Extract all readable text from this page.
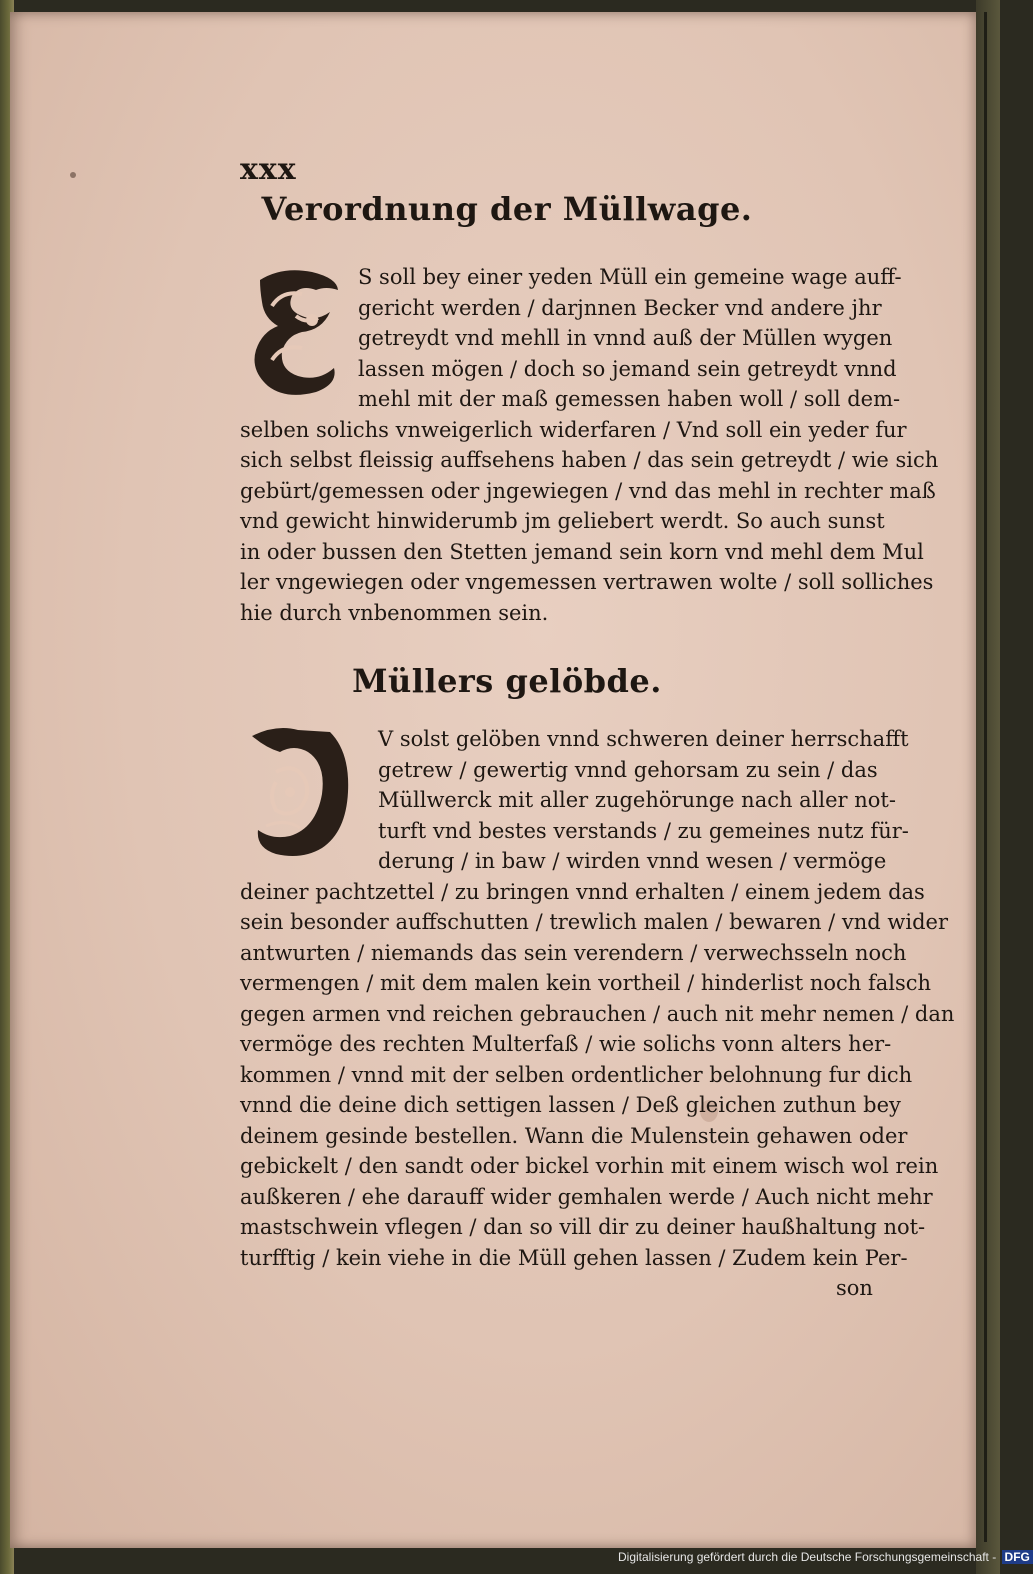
xxx
Verordnung der Müllwage.
S soll bey einer yeden Müll ein gemeine wage auff-
gericht werden / darjnnen Becker vnd andere jhr
getreydt vnd mehll in vnnd auß der Müllen wygen
lassen mögen / doch so jemand sein getreydt vnnd
mehl mit der maß gemessen haben woll / soll dem-
selben solichs vnweigerlich widerfaren / Vnd soll ein yeder fur
sich selbst fleissig auffsehens haben / das sein getreydt / wie sich
gebürt/gemessen oder jngewiegen / vnd das mehl in rechter maß
vnd gewicht hinwiderumb jm geliebert werdt. So auch sunst
in oder bussen den Stetten jemand sein korn vnd mehl dem Mul
ler vngewiegen oder vngemessen vertrawen wolte / soll solliches
hie durch vnbenommen sein.
Müllers gelöbde.
V solst gelöben vnnd schweren deiner herrschafft
getrew / gewertig vnnd gehorsam zu sein / das
Müllwerck mit aller zugehörunge nach aller not-
turft vnd bestes verstands / zu gemeines nutz für-
derung / in baw / wirden vnnd wesen / vermöge
deiner pachtzettel / zu bringen vnnd erhalten / einem jedem das
sein besonder auffschutten / trewlich malen / bewaren / vnd wider
antwurten / niemands das sein verendern / verwechsseln noch
vermengen / mit dem malen kein vortheil / hinderlist noch falsch
gegen armen vnd reichen gebrauchen / auch nit mehr nemen / dan
vermöge des rechten Multerfaß / wie solichs vonn alters her-
kommen / vnnd mit der selben ordentlicher belohnung fur dich
vnnd die deine dich settigen lassen / Deß gleichen zuthun bey
deinem gesinde bestellen. Wann die Mulenstein gehawen oder
gebickelt / den sandt oder bickel vorhin mit einem wisch wol rein
außkeren / ehe darauff wider gemhalen werde / Auch nicht mehr
mastschwein vflegen / dan so vill dir zu deiner haußhaltung not-
turfftig / kein viehe in die Müll gehen lassen / Zudem kein Per-
son
Digitalisierung gefördert durch die Deutsche Forschungsgemeinschaft - DFG
